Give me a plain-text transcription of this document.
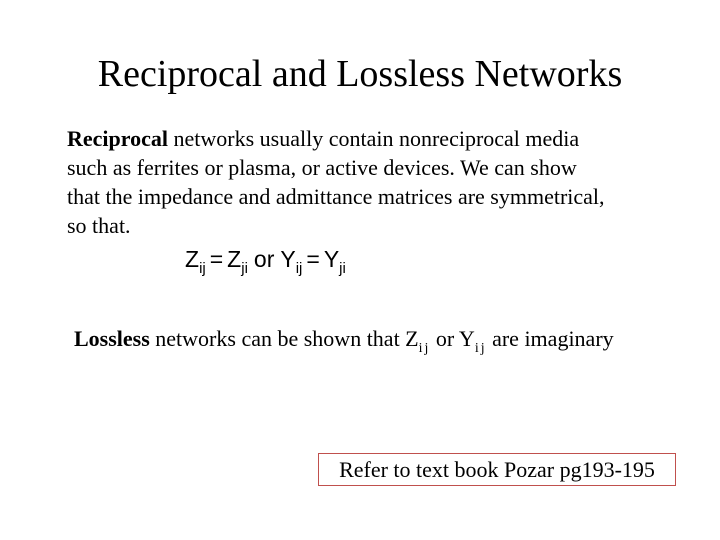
Reciprocal and Lossless Networks
Reciprocal networks usually contain nonreciprocal media
such as ferrites or plasma, or active devices. We can show
that the impedance and admittance matrices are symmetrical,
so that.
$Z_{ij} = Z_{ji}$ or $Y_{ij} = Y_{ji}$
Lossless networks can be shown that $Z_{ij}$ or $Y_{ij}$ are imaginary
Refer to text book Pozar pg193-195
